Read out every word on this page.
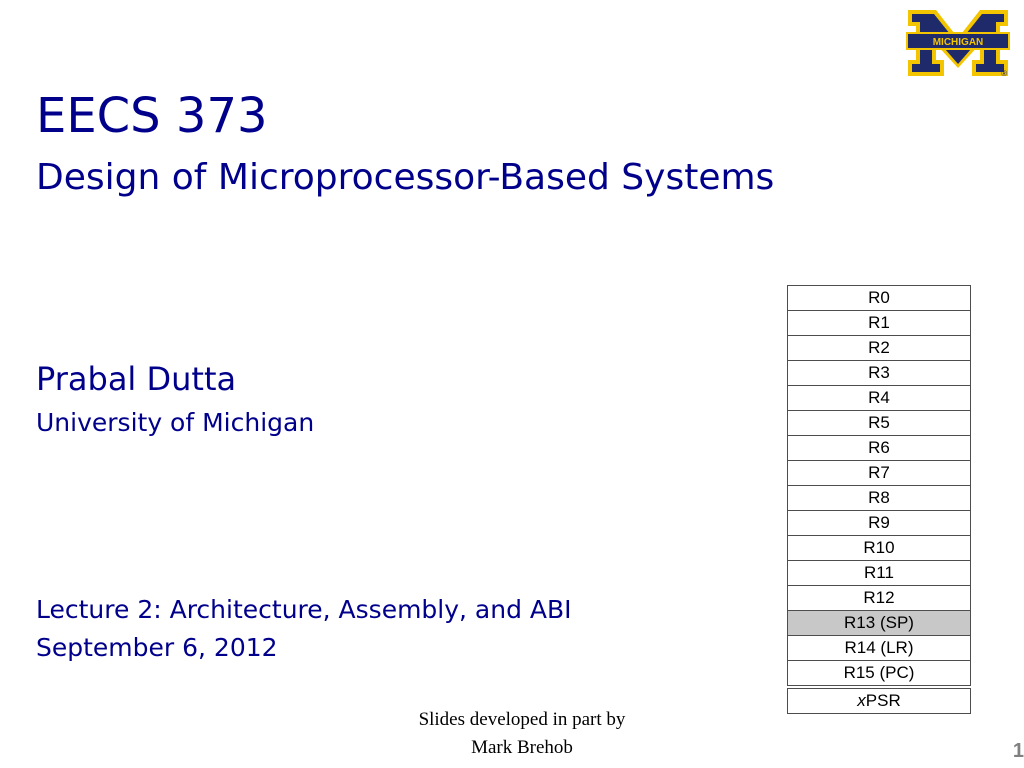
MICHIGAN
®
EECS 373
Design of Microprocessor-Based Systems
Prabal Dutta
University of Michigan
Lecture 2: Architecture, Assembly, and ABI
September 6, 2012
R0
R1
R2
R3
R4
R5
R6
R7
R8
R9
R10
R11
R12
R13 (SP)
R14 (LR)
R15 (PC)

xPSR
Slides developed in part by
Mark Brehob	1
